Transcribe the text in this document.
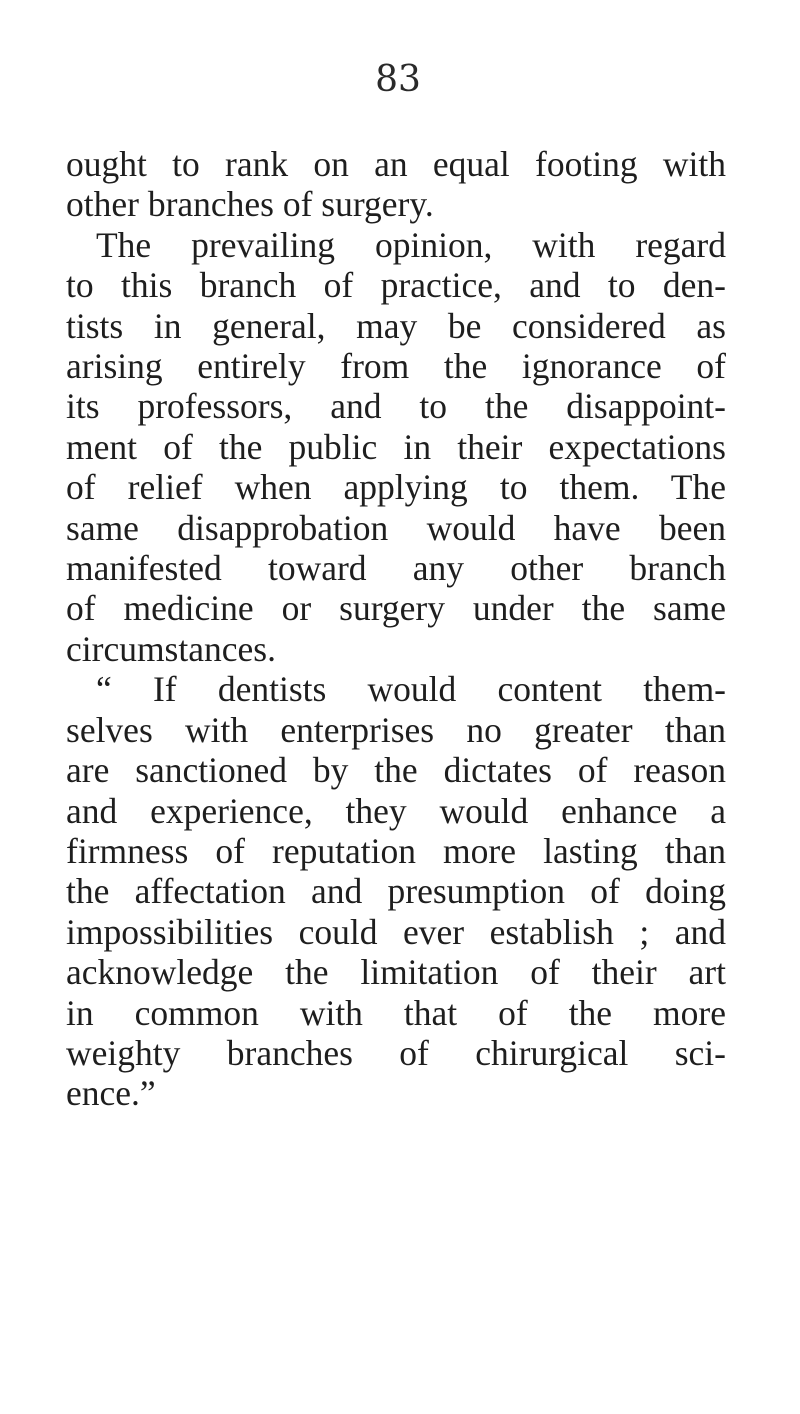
83
ought to rank on an equal footing with
other branches of surgery.
The prevailing opinion, with regard
to this branch of practice, and to den-
tists in general, may be considered as
arising entirely from the ignorance of
its professors, and to the disappoint-
ment of the public in their expectations
of relief when applying to them. The
same disapprobation would have been
manifested toward any other branch
of medicine or surgery under the same
circumstances.
“ If dentists would content them-
selves with enterprises no greater than
are sanctioned by the dictates of reason
and experience, they would enhance a
firmness of reputation more lasting than
the affectation and presumption of doing
impossibilities could ever establish ; and
acknowledge the limitation of their art
in common with that of the more
weighty branches of chirurgical sci-
ence.”
